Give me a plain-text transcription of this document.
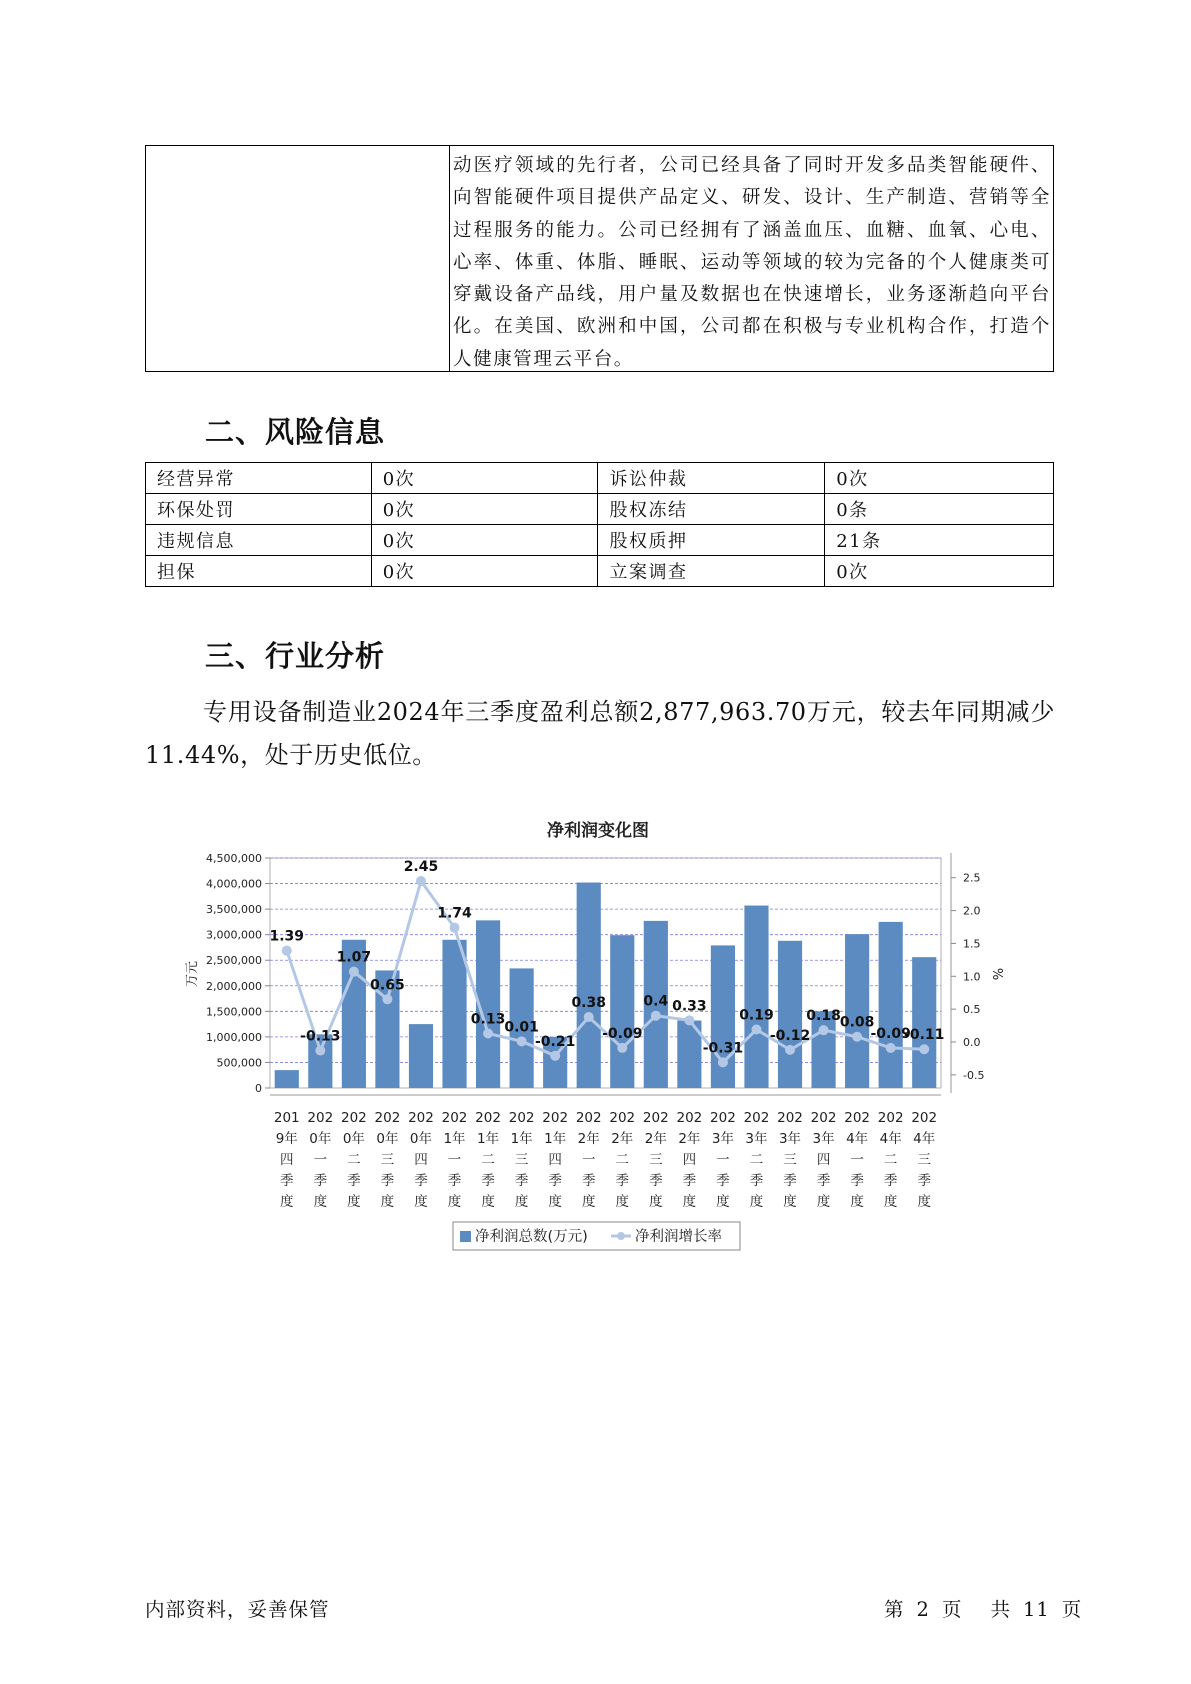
动医疗领域的先行者，公司已经具备了同时开发多品类智能硬件、向智能硬件项目提供产品定义、研发、设计、生产制造、营销等全过程服务的能力。公司已经拥有了涵盖血压、血糖、血氧、心电、心率、体重、体脂、睡眠、运动等领域的较为完备的个人健康类可穿戴设备产品线，用户量及数据也在快速增长，业务逐渐趋向平台化。在美国、欧洲和中国，公司都在积极与专业机构合作，打造个人健康管理云平台。
二、风险信息
经营异常	0次	诉讼仲裁	0次
环保处罚	0次	股权冻结	0条
违规信息	0次	股权质押	21条
担保	0次	立案调查	0次
三、行业分析
专用设备制造业2024年三季度盈利总额2,877,963.70万元，较去年同期减少11.44%，处于历史低位。
净利润变化图
1.39
-0.13
1.07
0.65
2.45
1.74
0.13 0.01
-0.21
0.38
-0.09
0.4 0.33
-0.31
0.19
-0.12
0.18 0.08
-0.09
-0.11
0
500,000
1,000,000
1,500,000
2,000,000
2,500,000
3,000,000
3,500,000
4,000,000
4,500,000
-0.5
0.0
0.5
1.0
1.5
2.0
2.5
201
9年
四
季
度
202
0年
一
季
度
202
0年
二
季
度
202
0年
三
季
度
202
0年
四
季
度
202
1年
一
季
度
202
1年
二
季
度
202
1年
三
季
度
202
1年
四
季
度
202
2年
一
季
度
202
2年
二
季
度
202
2年
三
季
度
202
2年
四
季
度
202
3年
一
季
度
202
3年
二
季
度
202
3年
三
季
度
202
3年
四
季
度
202
4年
一
季
度
202
4年
二
季
度
202
4年
三
季
度
万元	%
净利润总数(万元)	净利润增长率
内部资料，妥善保管	第 2 页 共 11 页
